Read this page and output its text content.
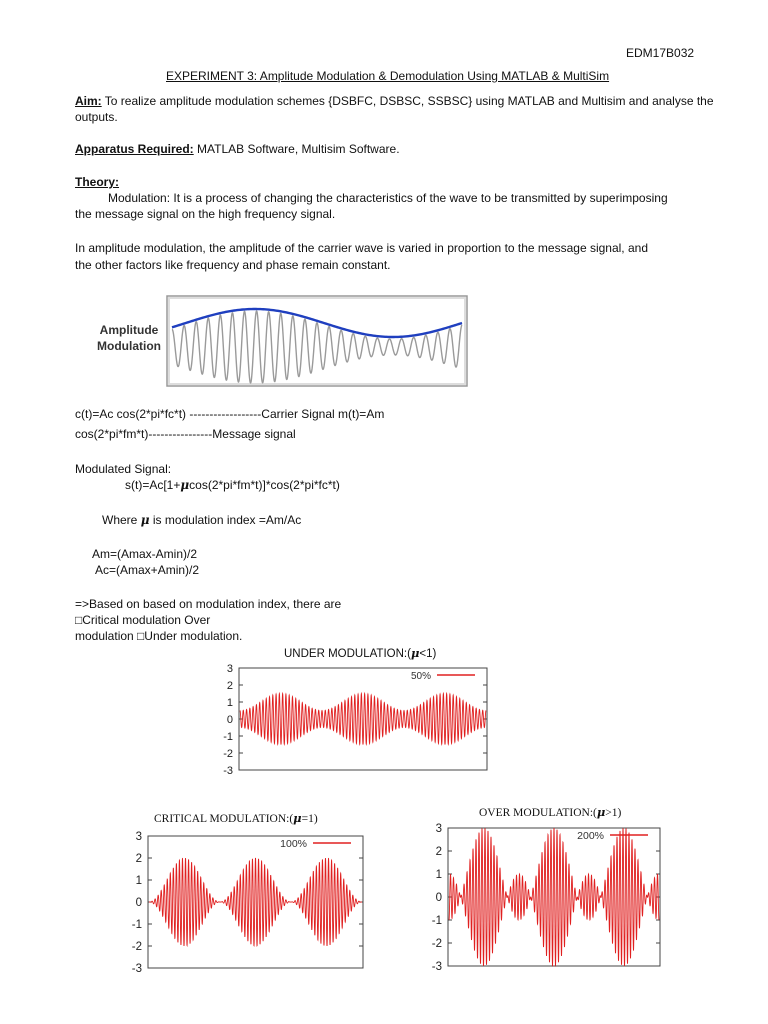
EDM17B032
EXPERIMENT 3: Amplitude Modulation & Demodulation Using MATLAB & MultiSim
Aim: To realize amplitude modulation schemes {DSBFC, DSBSC, SSBSC} using MATLAB and Multisim and analyse the
outputs.
Apparatus Required: MATLAB Software, Multisim Software.
Theory:
Modulation: It is a process of changing the characteristics of the wave to be transmitted by superimposing
the message signal on the high frequency signal.
In amplitude modulation, the amplitude of the carrier wave is varied in proportion to the message signal, and
the other factors like frequency and phase remain constant.
Amplitude
Modulation
c(t)=Ac cos(2*pi*fc*t) ------------------Carrier Signal m(t)=Am
cos(2*pi*fm*t)----------------Message signal
Modulated Signal:
s(t)=Ac[1+μcos(2*pi*fm*t)]*cos(2*pi*fc*t)
Where μ is modulation index =Am/Ac
Am=(Amax-Amin)/2
Ac=(Amax+Amin)/2
=>Based on based on modulation index, there are
□Critical modulation Over
modulation □Under modulation.
UNDER MODULATION:(μ<1)
3
2
1
0
-1
-2
-3
50%
CRITICAL MODULATION:(μ=1)
3
2
1
0
-1
-2
-3
100%
OVER MODULATION:(μ>1)
3
2
1
0
-1
-2
-3
200%
